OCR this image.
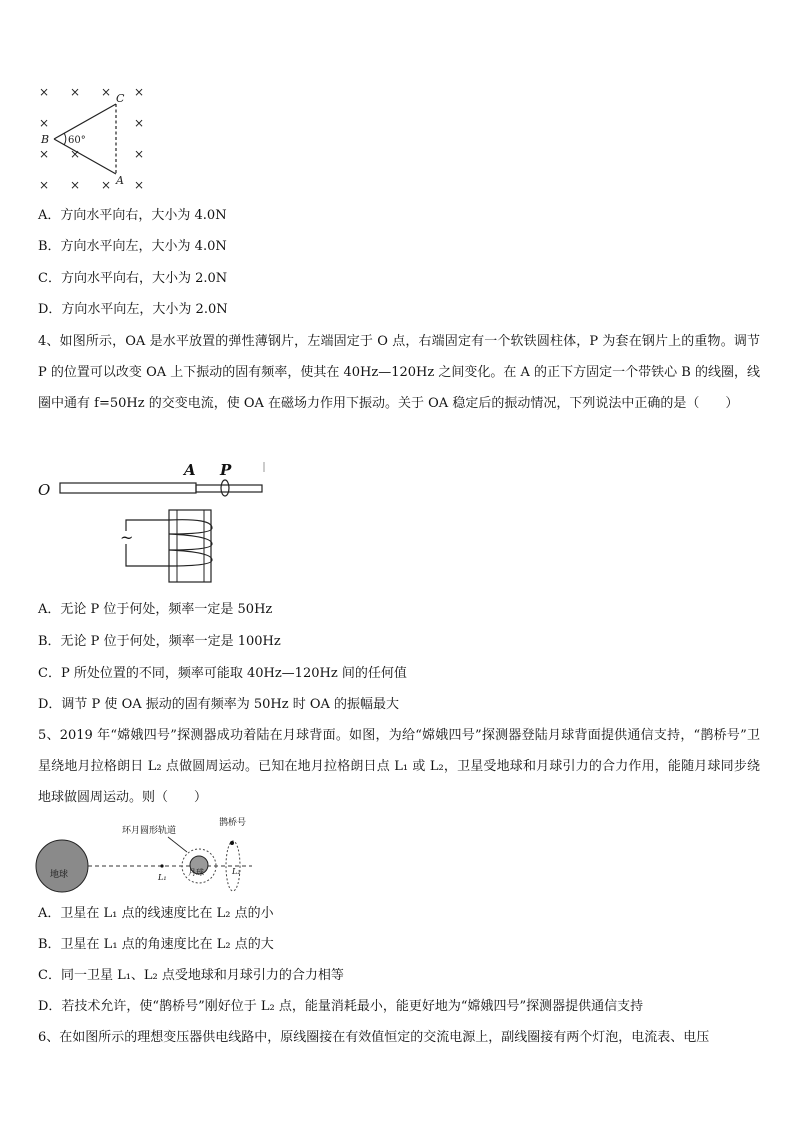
× × × ×
×	×
× ×	×
× × × ×
C
B
A
60°
A．方向水平向右，大小为 4.0N
B．方向水平向左，大小为 4.0N
C．方向水平向右，大小为 2.0N
D．方向水平向左，大小为 2.0N
4、如图所示，OA 是水平放置的弹性薄钢片，左端固定于 O 点，右端固定有一个软铁圆柱体，P 为套在钢片上的重物。调节 P 的位置可以改变 OA 上下振动的固有频率，使其在 40Hz—120Hz 之间变化。在 A 的正下方固定一个带铁心 B 的线圈，线圈中通有 f=50Hz 的交变电流，使 OA 在磁场力作用下振动。关于 OA 稳定后的振动情况，下列说法中正确的是（　　）
O
A P
~
A．无论 P 位于何处，频率一定是 50Hz
B．无论 P 位于何处，频率一定是 100Hz
C．P 所处位置的不同，频率可能取 40Hz—120Hz 间的任何值
D．调节 P 使 OA 振动的固有频率为 50Hz 时 OA 的振幅最大
5、2019 年“嫦娥四号”探测器成功着陆在月球背面。如图，为给“嫦娥四号”探测器登陆月球背面提供通信支持，“鹊桥号”卫星绕地月拉格朗日 L₂ 点做圆周运动。已知在地月拉格朗日点 L₁ 或 L₂，卫星受地球和月球引力的合力作用，能随月球同步绕地球做圆周运动。则（　　）
地球	L₁
月球	L₂
环月圆形轨道
鹊桥号
A．卫星在 L₁ 点的线速度比在 L₂ 点的小
B．卫星在 L₁ 点的角速度比在 L₂ 点的大
C．同一卫星 L₁、L₂ 点受地球和月球引力的合力相等
D．若技术允许，使“鹊桥号”刚好位于 L₂ 点，能量消耗最小，能更好地为“嫦娥四号”探测器提供通信支持
6、在如图所示的理想变压器供电线路中，原线圈接在有效值恒定的交流电源上，副线圈接有两个灯泡，电流表、电压
